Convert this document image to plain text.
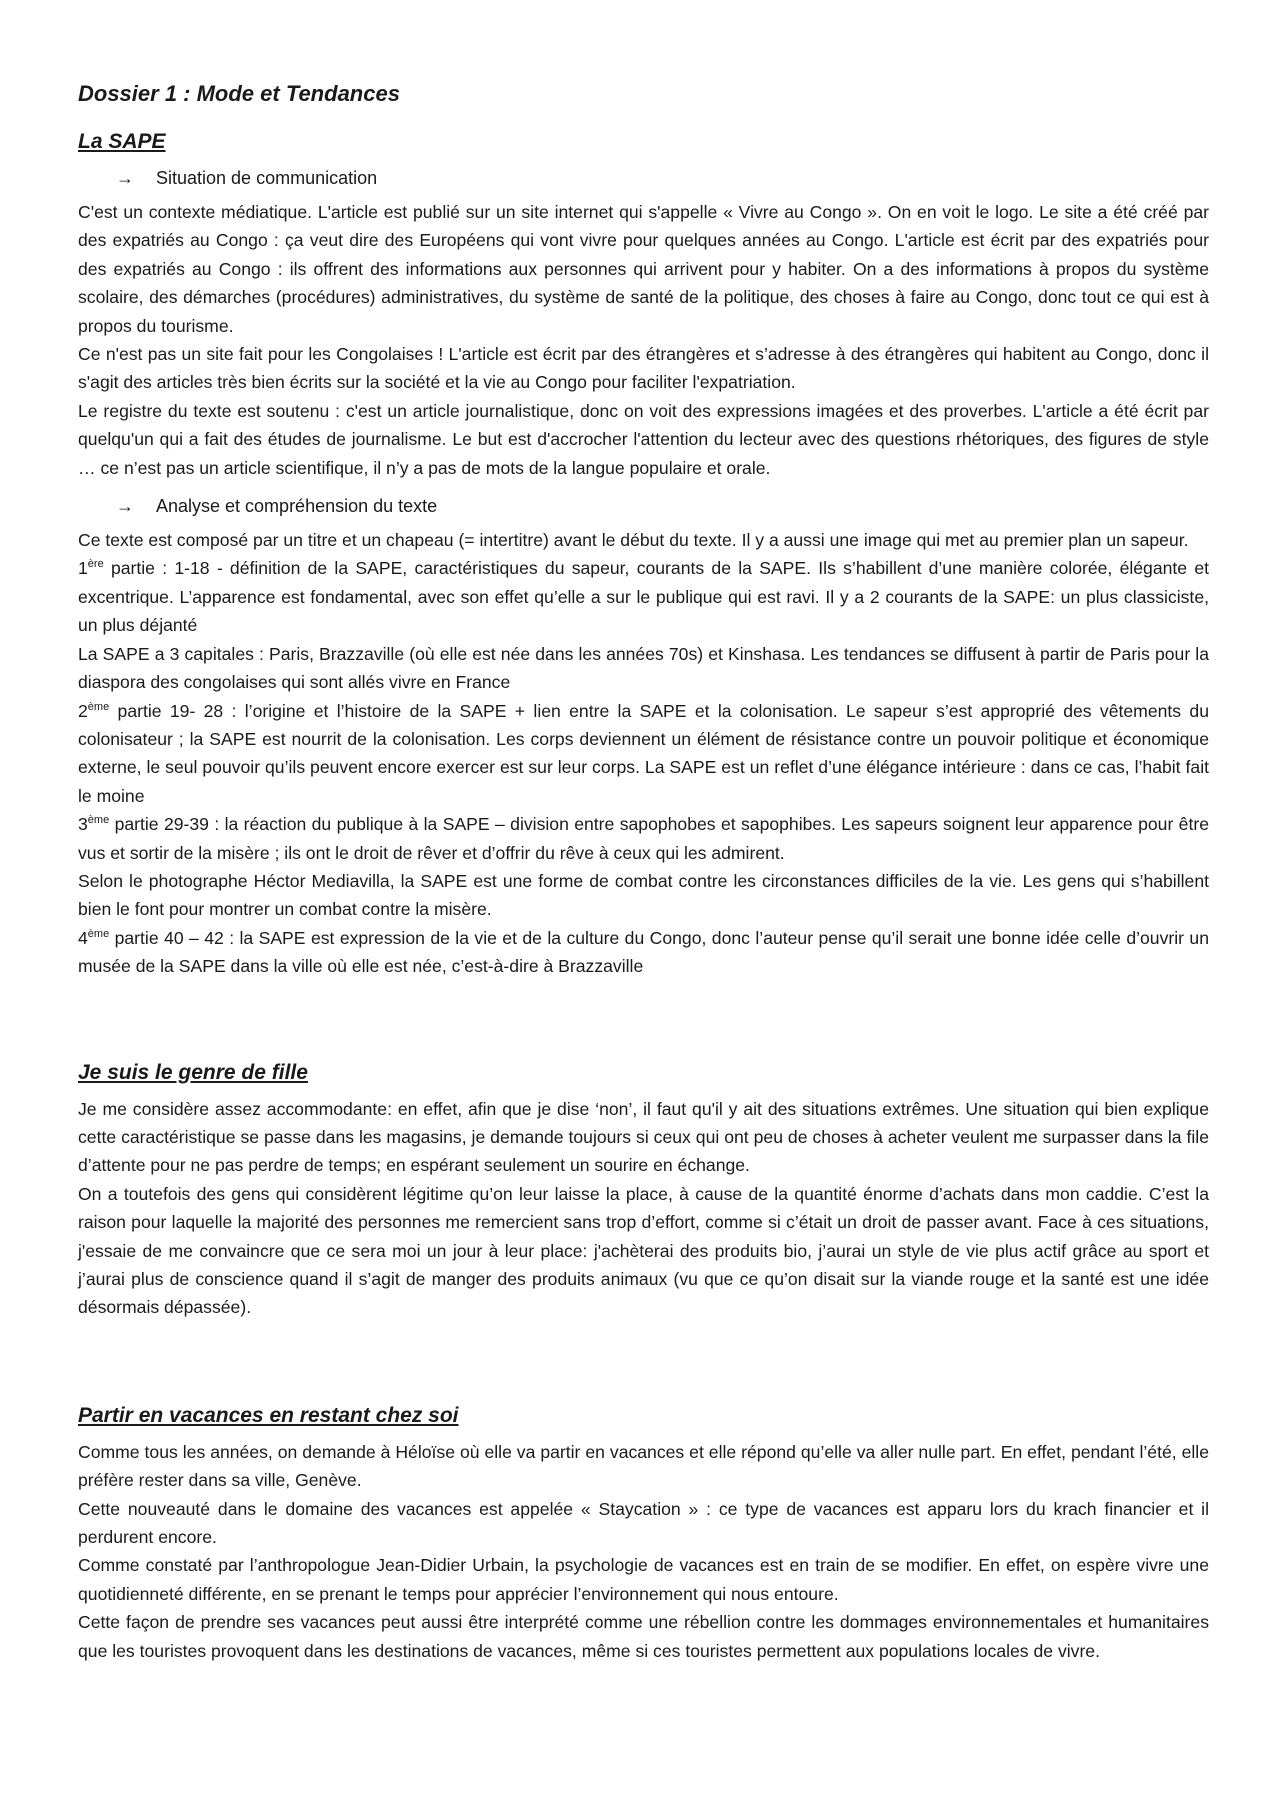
Dossier 1 : Mode et Tendances
La SAPE
→ Situation de communication

C'est un contexte médiatique. L'article est publié sur un site internet qui s'appelle « Vivre au Congo ». On en voit le logo. Le site a été créé par des expatriés au Congo : ça veut dire des Européens qui vont vivre pour quelques années au Congo. L'article est écrit par des expatriés pour des expatriés au Congo : ils offrent des informations aux personnes qui arrivent pour y habiter. On a des informations à propos du système scolaire, des démarches (procédures) administratives, du système de santé de la politique, des choses à faire au Congo, donc tout ce qui est à propos du tourisme.

Ce n'est pas un site fait pour les Congolaises ! L'article est écrit par des étrangères et s’adresse à des étrangères qui habitent au Congo, donc il s'agit des articles très bien écrits sur la société et la vie au Congo pour faciliter l'expatriation.

Le registre du texte est soutenu : c'est un article journalistique, donc on voit des expressions imagées et des proverbes. L'article a été écrit par quelqu'un qui a fait des études de journalisme. Le but est d'accrocher l'attention du lecteur avec des questions rhétoriques, des figures de style … ce n’est pas un article scientifique, il n’y a pas de mots de la langue populaire et orale.

→ Analyse et compréhension du texte

Ce texte est composé par un titre et un chapeau (= intertitre) avant le début du texte. Il y a aussi une image qui met au premier plan un sapeur.

1ère partie : 1-18 - définition de la SAPE, caractéristiques du sapeur, courants de la SAPE. Ils s’habillent d’une manière colorée, élégante et excentrique. L’apparence est fondamental, avec son effet qu’elle a sur le publique qui est ravi. Il y a 2 courants de la SAPE: un plus classiciste, un plus déjanté

La SAPE a 3 capitales : Paris, Brazzaville (où elle est née dans les années 70s) et Kinshasa. Les tendances se diffusent à partir de Paris pour la diaspora des congolaises qui sont allés vivre en France

2ème partie 19- 28 : l’origine et l’histoire de la SAPE + lien entre la SAPE et la colonisation. Le sapeur s’est approprié des vêtements du colonisateur ; la SAPE est nourrit de la colonisation. Les corps deviennent un élément de résistance contre un pouvoir politique et économique externe, le seul pouvoir qu’ils peuvent encore exercer est sur leur corps. La SAPE est un reflet d’une élégance intérieure : dans ce cas, l’habit fait le moine

3ème partie 29-39 : la réaction du publique à la SAPE – division entre sapophobes et sapophibes. Les sapeurs soignent leur apparence pour être vus et sortir de la misère ; ils ont le droit de rêver et d’offrir du rêve à ceux qui les admirent.

Selon le photographe Héctor Mediavilla, la SAPE est une forme de combat contre les circonstances difficiles de la vie. Les gens qui s’habillent bien le font pour montrer un combat contre la misère.

4ème partie 40 – 42 : la SAPE est expression de la vie et de la culture du Congo, donc l’auteur pense qu’il serait une bonne idée celle d’ouvrir un musée de la SAPE dans la ville où elle est née, c’est-à-dire à Brazzaville

Je suis le genre de fille

Je me considère assez accommodante: en effet, afin que je dise ‘non’, il faut qu'il y ait des situations extrêmes. Une situation qui bien explique cette caractéristique se passe dans les magasins, je demande toujours si ceux qui ont peu de choses à acheter veulent me surpasser dans la file d’attente pour ne pas perdre de temps; en espérant seulement un sourire en échange.

On a toutefois des gens qui considèrent légitime qu’on leur laisse la place, à cause de la quantité énorme d’achats dans mon caddie. C’est la raison pour laquelle la majorité des personnes me remercient sans trop d’effort, comme si c’était un droit de passer avant. Face à ces situations, j'essaie de me convaincre que ce sera moi un jour à leur place: j'achèterai des produits bio, j’aurai un style de vie plus actif grâce au sport et j’aurai plus de conscience quand il s’agit de manger des produits animaux (vu que ce qu’on disait sur la viande rouge et la santé est une idée désormais dépassée).

Partir en vacances en restant chez soi

Comme tous les années, on demande à Héloïse où elle va partir en vacances et elle répond qu’elle va aller nulle part. En effet, pendant l’été, elle préfère rester dans sa ville, Genève.

Cette nouveauté dans le domaine des vacances est appelée « Staycation » : ce type de vacances est apparu lors du krach financier et il perdurent encore.

Comme constaté par l’anthropologue Jean-Didier Urbain, la psychologie de vacances est en train de se modifier. En effet, on espère vivre une quotidienneté différente, en se prenant le temps pour apprécier l’environnement qui nous entoure.

Cette façon de prendre ses vacances peut aussi être interprété comme une rébellion contre les dommages environnementales et humanitaires que les touristes provoquent dans les destinations de vacances, même si ces touristes permettent aux populations locales de vivre.
